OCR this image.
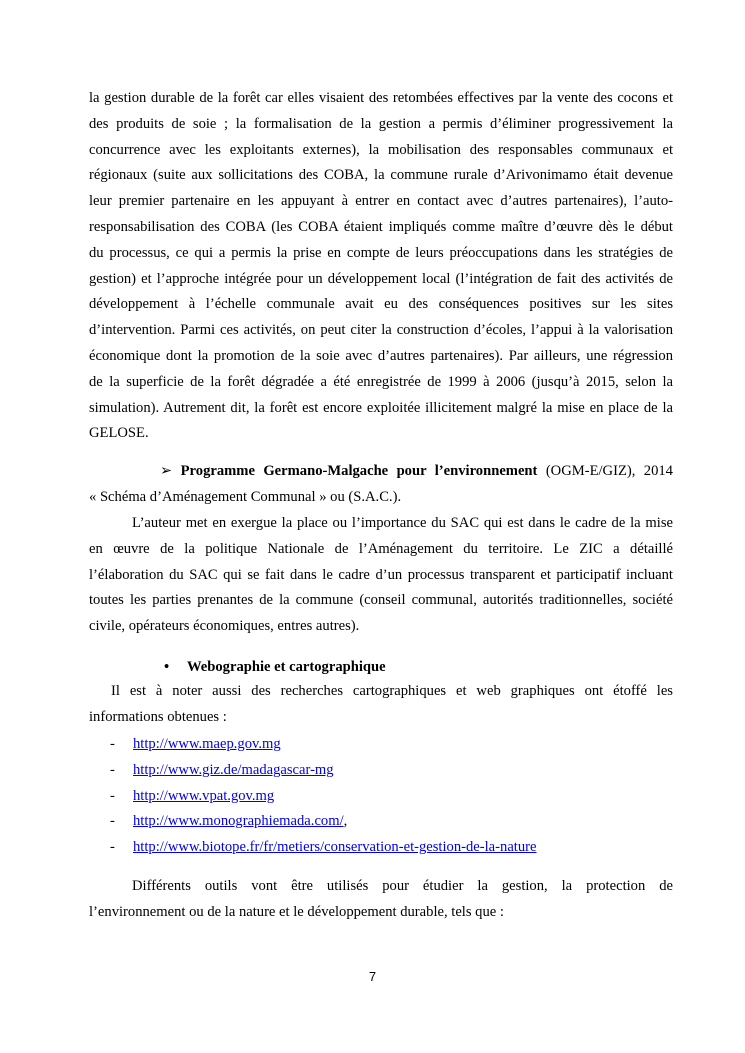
la gestion durable de la forêt car elles visaient des retombées effectives par la vente des cocons et
des produits de soie ; la formalisation de la gestion a permis d’éliminer progressivement la
concurrence avec les exploitants externes), la mobilisation des responsables communaux et
régionaux (suite aux sollicitations des COBA, la commune rurale d’Arivonimamo était devenue
leur premier partenaire en les appuyant à entrer en contact avec d’autres partenaires), l’auto-
responsabilisation des COBA (les COBA étaient impliqués comme maître d’œuvre dès le début
du processus, ce qui a permis la prise en compte de leurs préoccupations dans les stratégies de
gestion) et l’approche intégrée pour un développement local (l’intégration de fait des activités de
développement à l’échelle communale avait eu des conséquences positives sur les sites
d’intervention. Parmi ces activités, on peut citer la construction d’écoles, l’appui à la valorisation
économique dont la promotion de la soie avec d’autres partenaires). Par ailleurs, une régression
de la superficie de la forêt dégradée a été enregistrée de 1999 à 2006 (jusqu’à 2015, selon la
simulation). Autrement dit, la forêt est encore exploitée illicitement malgré la mise en place de la
GELOSE.
➢ Programme Germano-Malgache pour l’environnement (OGM-E/GIZ), 2014
« Schéma d’Aménagement Communal » ou (S.A.C.).
L’auteur met en exergue la place ou l’importance du SAC qui est dans le cadre de la mise
en œuvre de la politique Nationale de l’Aménagement du territoire. Le ZIC a détaillé
l’élaboration du SAC qui se fait dans le cadre d’un processus transparent et participatif incluant
toutes les parties prenantes de la commune (conseil communal, autorités traditionnelles, société
civile, opérateurs économiques, entres autres).
• Webographie et cartographique
Il est à noter aussi des recherches cartographiques et web graphiques ont étoffé les
informations obtenues :
- http://www.maep.gov.mg
- http://www.giz.de/madagascar-mg
- http://www.vpat.gov.mg
- http://www.monographiemada.com/,
- http://www.biotope.fr/fr/metiers/conservation-et-gestion-de-la-nature
Différents outils vont être utilisés pour étudier la gestion, la protection de
l’environnement ou de la nature et le développement durable, tels que :
7
